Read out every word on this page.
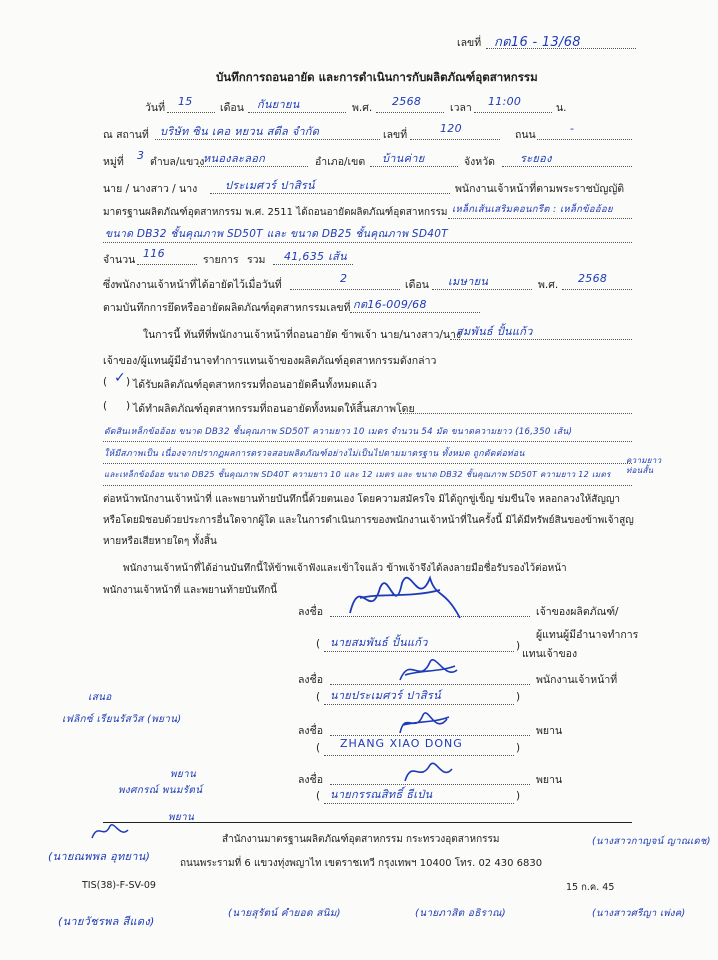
เลขที่ กต16 - 13/68
บันทึกการถอนอายัด และการดำเนินการกับผลิตภัณฑ์อุตสาหกรรม
วันที่ 15	เดือน กันยายน	พ.ศ. 2568	เวลา 11:00	น.
ณ สถานที่ บริษัท ซิน เคอ หยวน สตีล จำกัด	เลขที่	120	ถนน	-
หมู่ที่ 3 ตำบล/แขวง
หนองละลอก	อำเภอ/เขต บ้านค่าย	จังหวัด ระยอง
นาย / นางสาว / นาง	ประเมศวร์ ปาสิรน์	พนักงานเจ้าหน้าที่ตามพระราชบัญญัติ
มาตรฐานผลิตภัณฑ์อุตสาหกรรม พ.ศ. 2511 ได้ถอนอายัดผลิตภัณฑ์อุตสาหกรรม เหล็กเส้นเสริมคอนกรีต : เหล็กข้ออ้อย
ขนาด DB32 ชั้นคุณภาพ SD50T และ ขนาด DB25 ชั้นคุณภาพ SD40T
จำนวน 116	รายการ รวม 41,635 เส้น
ซึ่งพนักงานเจ้าหน้าที่ได้อายัดไว้เมื่อวันที่	2	เดือน เมษายน	พ.ศ. 2568
ตามบันทึกการยึดหรืออายัดผลิตภัณฑ์อุตสาหกรรมเลขที่ กต16-009/68
ในการนี้ ทันทีที่พนักงานเจ้าหน้าที่ถอนอายัด ข้าพเจ้า นาย/นางสาว/นาง
สมพันธ์ ปั้นแก้ว
เจ้าของ/ผู้แทนผู้มีอำนาจทำการแทนเจ้าของผลิตภัณฑ์อุตสาหกรรมดังกล่าว
( ✓ ) ได้รับผลิตภัณฑ์อุตสาหกรรมที่ถอนอายัดคืนทั้งหมดแล้ว
( ) ได้ทำผลิตภัณฑ์อุตสาหกรรมที่ถอนอายัดทั้งหมดให้สิ้นสภาพโดย
ตัดสินเหล็กข้ออ้อย ขนาด DB32 ชั้นคุณภาพ SD50T ความยาว 10 เมตร จำนวน 54 มัด ขนาดความยาว (16,350 เส้น)
ให้มีสภาพเป็น เนื่องจากปรากฏผลการตรวจสอบผลิตภัณฑ์อย่างไม่เป็นไปตามมาตรฐาน ทั้งหมด ถูกตัดต่อท่อน
และเหล็กข้ออ้อย ขนาด DB25 ชั้นคุณภาพ SD40T ความยาว 10 และ 12 เมตร และ ขนาด DB32 ชั้นคุณภาพ SD50T ความยาว 12 เมตร
ความยาว ท่อนสั้น
ต่อหน้าพนักงานเจ้าหน้าที่ และพยานท้ายบันทึกนี้ด้วยตนเอง โดยความสมัครใจ มิได้ถูกขู่เข็ญ ข่มขืนใจ หลอกลวงให้สัญญา
หรือโดยมิชอบด้วยประการอื่นใดจากผู้ใด และในการดำเนินการของพนักงานเจ้าหน้าที่ในครั้งนี้ มิได้มีทรัพย์สินของข้าพเจ้าสูญ
หายหรือเสียหายใดๆ ทั้งสิ้น
พนักงานเจ้าหน้าที่ได้อ่านบันทึกนี้ให้ข้าพเจ้าฟังและเข้าใจแล้ว ข้าพเจ้าจึงได้ลงลายมือชื่อรับรองไว้ต่อหน้า
พนักงานเจ้าหน้าที่ และพยานท้ายบันทึกนี้
ลงชื่อ	เจ้าของผลิตภัณฑ์/
ผู้แทนผู้มีอำนาจทำการ
( นายสมพันธ์ ปั้นแก้ว	)
แทนเจ้าของ
ลงชื่อ	พนักงานเจ้าหน้าที่
( นายประเมศวร์ ปาสิรน์	)
ลงชื่อ	พยาน
( ZHANG XIAO DONG	)
ลงชื่อ	พยาน
( นายกรรณสิทธิ์ ธีเป่น	)
เสนอ
เฟลิกซ์ เรียนรัสวิส (พยาน)
พยาน
พงศกรณ์ พนมรัตน์
พยาน
(นายณพพล อุทยาน)
(นายวัชรพล สีแดง)
(นายสุรัตน์ คำยอด สนิม)	(นายภาสิต อธิราณ)
(นางสาวกาญจน์ ญาณเดช)
(นางสาวศรีญา เพ่งค)
สำนักงานมาตรฐานผลิตภัณฑ์อุตสาหกรรม กระทรวงอุตสาหกรรม
ถนนพระรามที่ 6 แขวงทุ่งพญาไท เขตราชเทวี กรุงเทพฯ 10400 โทร. 02 430 6830
TIS(38)-F-SV-09	15 ก.ค. 45
